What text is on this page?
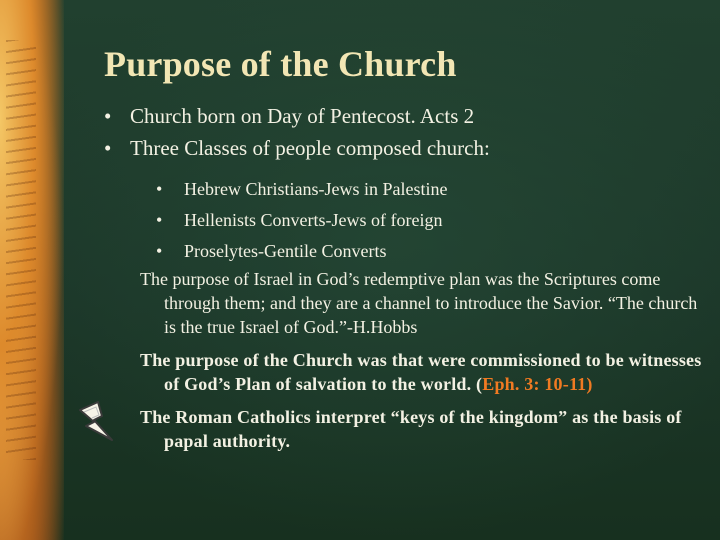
Purpose of the Church
• Church born on Day of Pentecost. Acts 2
• Three Classes of people composed church:
• Hebrew Christians-Jews in Palestine
• Hellenists Converts-Jews of foreign
• Proselytes-Gentile Converts

The purpose of Israel in God’s redemptive plan was the Scriptures come through them; and they are a channel to introduce the Savior. “The church is the true Israel of God.”-H.Hobbs

The purpose of the Church was that were commissioned to be witnesses of God’s Plan of salvation to the world. (Eph. 3: 10-11)

The Roman Catholics interpret “keys of the kingdom” as the basis of papal authority.
